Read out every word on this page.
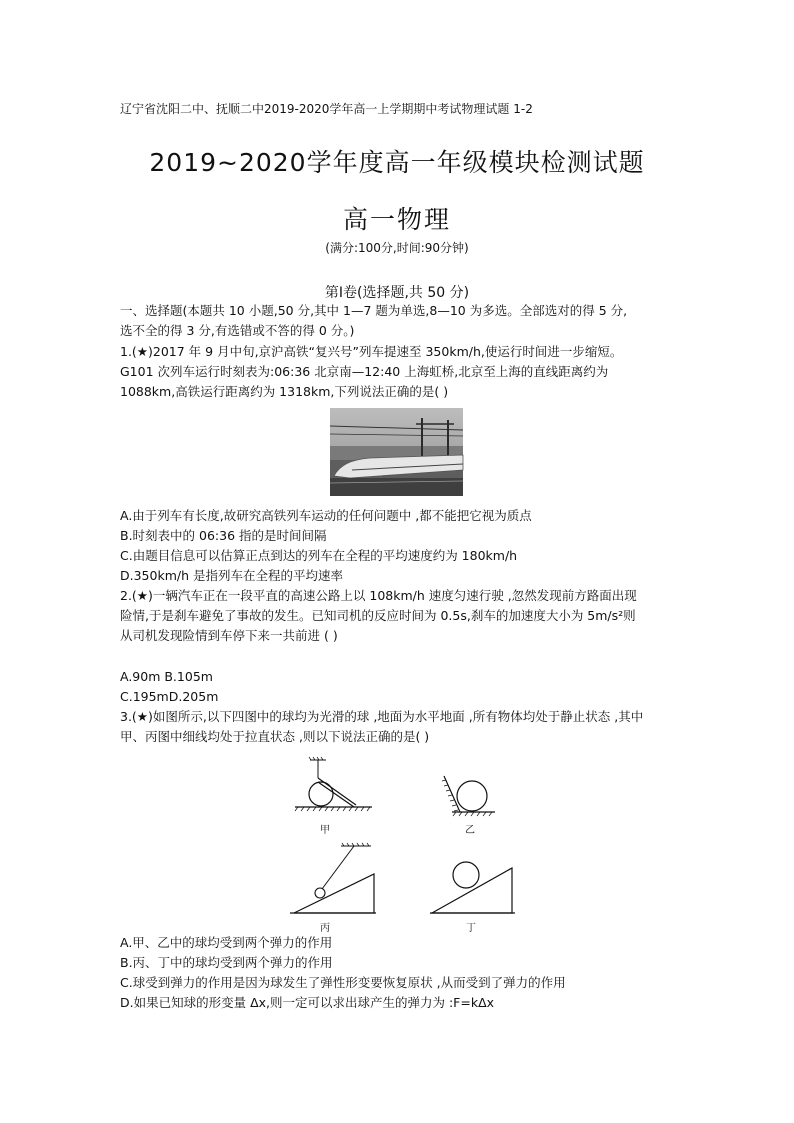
辽宁省沈阳二中、抚顺二中2019-2020学年高一上学期期中考试物理试题 1-2
2019~2020学年度高一年级模块检测试题
高一物理
(满分:100分,时间:90分钟)
第Ⅰ卷(选择题,共 50 分)
一、选择题(本题共 10 小题,50 分,其中 1—7 题为单选,8—10 为多选。全部选对的得 5 分,
选不全的得 3 分,有选错或不答的得 0 分。)
1.(★)2017 年 9 月中旬,京沪高铁“复兴号”列车提速至 350km/h,使运行时间进一步缩短。
G101 次列车运行时刻表为:06:36 北京南—12:40 上海虹桥,北京至上海的直线距离约为
1088km,高铁运行距离约为 1318km,下列说法正确的是( )
A.由于列车有长度,故研究高铁列车运动的任何问题中 ,都不能把它视为质点
B.时刻表中的 06:36 指的是时间间隔
C.由题目信息可以估算正点到达的列车在全程的平均速度约为 180km/h
D.350km/h 是指列车在全程的平均速率
2.(★)一辆汽车正在一段平直的高速公路上以 108km/h 速度匀速行驶 ,忽然发现前方路面出现
险情,于是刹车避免了事故的发生。已知司机的反应时间为 0.5s,刹车的加速度大小为 5m/s²则
从司机发现险情到车停下来一共前进 ( )
A.90m B.105m
C.195mD.205m
3.(★)如图所示,以下四图中的球均为光滑的球 ,地面为水平地面 ,所有物体均处于静止状态 ,其中
甲、丙图中细线均处于拉直状态 ,则以下说法正确的是( )
甲	乙
丙	丁
A.甲、乙中的球均受到两个弹力的作用
B.丙、丁中的球均受到两个弹力的作用
C.球受到弹力的作用是因为球发生了弹性形变要恢复原状 ,从而受到了弹力的作用
D.如果已知球的形变量 Δx,则一定可以求出球产生的弹力为 :F=kΔx
